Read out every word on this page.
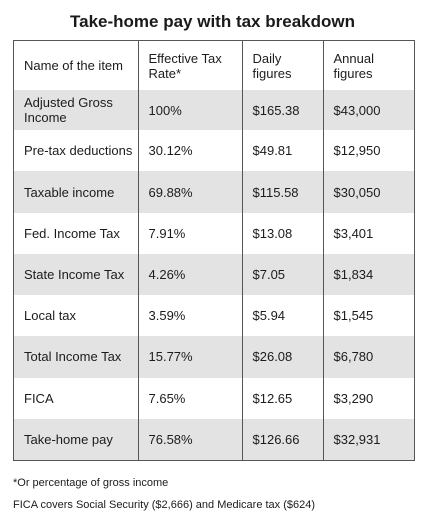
Take-home pay with tax breakdown
Name of the item	Effective Tax Rate*	Daily figures	Annual figures
Adjusted Gross Income	100%	$165.38	$43,000
Pre-tax deductions	30.12%	$49.81	$12,950
Taxable income	69.88%	$115.58	$30,050
Fed. Income Tax	7.91%	$13.08	$3,401
State Income Tax	4.26%	$7.05	$1,834
Local tax	3.59%	$5.94	$1,545
Total Income Tax	15.77%	$26.08	$6,780
FICA	7.65%	$12.65	$3,290
Take-home pay	76.58%	$126.66	$32,931
*Or percentage of gross income
FICA covers Social Security ($2,666) and Medicare tax ($624)
